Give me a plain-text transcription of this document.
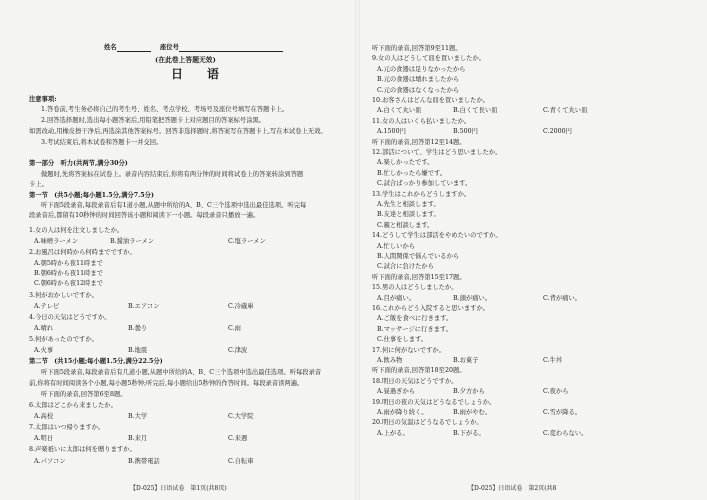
姓名	座位号
(在此卷上答题无效)
日　语
注意事项:
1.答卷前,考生务必将自己的考生号、姓名、考点学校、考场号及座位号填写在答题卡上。
2.回答选择题时,选出每小题答案后,用铅笔把答题卡上对应题目的答案标号涂黑。
如需改动,用橡皮擦干净后,再选涂其他答案标号。回答非选择题时,将答案写在答题卡上,写在本试卷上无效。
3.考试结束后,将本试卷和答题卡一并交回。
第一部分　听力(共两节,满分30分)
做题时,先将答案标在试卷上。录音内容结束后,你将有两分钟的时间将试卷上的答案转涂到答题
卡上。
第一节　(共5小题;每小题1.5分,满分7.5分)
听下面5段录音,每段录音后有1道小题,从题中所给的A、B、C三个选项中选出最佳选项。听完每
段录音后,都留有10秒钟的时间回答该小题和阅读下一小题。每段录音只播放一遍。
1.女の人は何を注文しましたか。
A.味噌ラーメン	B.醤油ラーメン	C.塩ラーメン
2.お風呂は何時から何時までですか。
A.朝5時から夜11時まで
B.朝6時から夜11時まで
C.朝6時から夜12時まで
3.何がおかしいですか。
A.テレビ	B.エアコン	C.冷蔵庫
4.今日の天気はどうですか。
A.晴れ	B.曇り	C.雨
5.何があったのですか。
A.火事	B.地震	C.津波
第二节　(共15小题;每小题1.5分,满分22.5分)
听下面5段录音,每段录音后有几道小题,从题中所给的A、B、C三个选项中选出最佳选项。听每段录音
前,你将有时间阅读各个小题,每小题5秒钟;听完后,每小题给出5秒钟的作答时间。每段录音读两遍。
听下面的录音,回答第6至8题。
6.太郎はどこから来ましたか。
A.高校	B.大学	C.大学院
7.太郎はいつ帰りますか。
A.明日	B.来月	C.来週
8.声楽祇いに太郎は何を贈りますか。
A.パソコン	B.携帯電話	C.自転車
【D-025】日语试卷　第1页(共8页)
听下面的录音,回答第9至11题。
9.女の人はどうして皿を買いましたか。
A.元の食器は足りなかったから
B.元の食器は壊れましたから
C.元の食器はなくなったから
10.お客さんはどんな皿を買いましたか。
A.白くて丸い皿	B.白くて長い皿	C.青くて丸い皿
11.女の人はいくら払いましたか。
A.1500円	B.500円	C.2000円
听下面的录音,回答第12至14题。
12.部活について、学生はどう思いましたか。
A.楽しかったです。
B.忙しかったら嫌です。
C.試合ばっかり参加しています。
13.学生はこれからどうしますか。
A.先生と相談します。
B.友達と相談します。
C.親と相談します。
14.どうして学生は部活をやめたいのですか。
A.忙しいから
B.人間関係で悩んでいるから
C.試合に負けたから
听下面的录音,回答第15至17题。
15.男の人はどうしましたか。
A.目が痛い。	B.頭が痛い。	C.背が痛い。
16.これからどう入院すると思いますか。
A.ご飯を食べに行きます。
B.マッサージに行きます。
C.仕事をします。
17.何に何がないですか。
A.飲み物	B.お菓子	C.牛丼
听下面的录音,回答第18至20题。
18.明日の天気はどうですか。
A.昼過ぎから	B.夕方から	C.夜から
19.明日の夜の天気はどうなるでしょうか。
A.雨が降り続く。	B.雨がやむ。	C.雪が降る。
20.明日の気温はどうなるでしょうか。
A.上がる。	B.下がる。	C.変わらない。
【D-025】日语试卷　第2页(共8
